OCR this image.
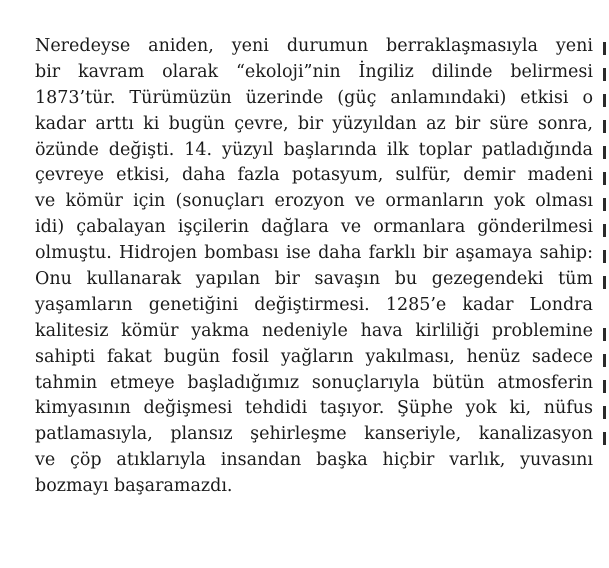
Neredeyse aniden, yeni durumun berraklaşmasıyla yeni
bir kavram olarak “ekoloji”nin İngiliz dilinde belirmesi
1873’tür. Türümüzün üzerinde (güç anlamındaki) etkisi o
kadar arttı ki bugün çevre, bir yüzyıldan az bir süre sonra,
özünde değişti. 14. yüzyıl başlarında ilk toplar patladığında
çevreye etkisi, daha fazla potasyum, sulfür, demir madeni
ve kömür için (sonuçları erozyon ve ormanların yok olması
idi) çabalayan işçilerin dağlara ve ormanlara gönderilmesi
olmuştu. Hidrojen bombası ise daha farklı bir aşamaya sahip:
Onu kullanarak yapılan bir savaşın bu gezegendeki tüm
yaşamların genetiğini değiştirmesi. 1285’e kadar Londra
kalitesiz kömür yakma nedeniyle hava kirliliği problemine
sahipti fakat bugün fosil yağların yakılması, henüz sadece
tahmin etmeye başladığımız sonuçlarıyla bütün atmosferin
kimyasının değişmesi tehdidi taşıyor. Şüphe yok ki, nüfus
patlamasıyla, plansız şehirleşme kanseriyle, kanalizasyon
ve çöp atıklarıyla insandan başka hiçbir varlık, yuvasını
bozmayı başaramazdı.
